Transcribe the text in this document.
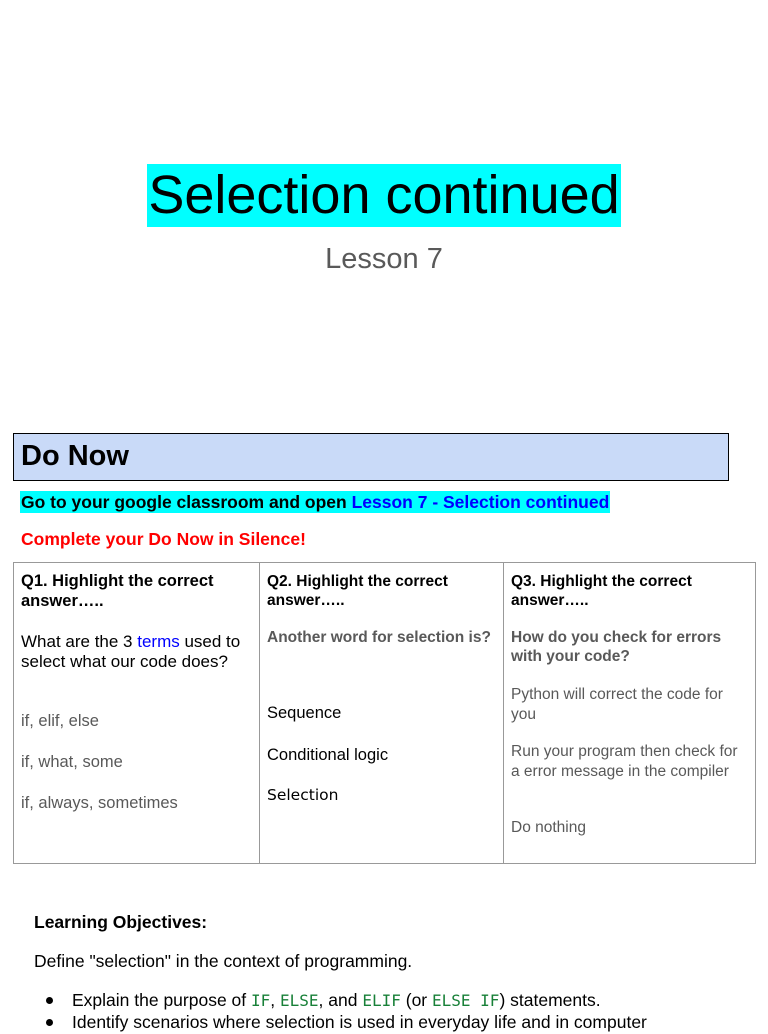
Selection continued
Lesson 7
Do Now
Go to your google classroom and open Lesson 7 - Selection continued
Complete your Do Now in Silence!
Q1. Highlight the correct answer…..
What are the 3 terms used to select what our code does?
if, elif, else
if, what, some
if, always, sometimes

Q2. Highlight the correct answer…..
Another word for selection is?
Sequence
Conditional logic
Selection

Q3. Highlight the correct answer…..
How do you check for errors with your code?
Python will correct the code for you
Run your program then check for a error message in the compiler
Do nothing
Learning Objectives:
Define "selection" in the context of programming.
Explain the purpose of IF, ELSE, and ELIF (or ELSE IF) statements.
Identify scenarios where selection is used in everyday life and in computer
